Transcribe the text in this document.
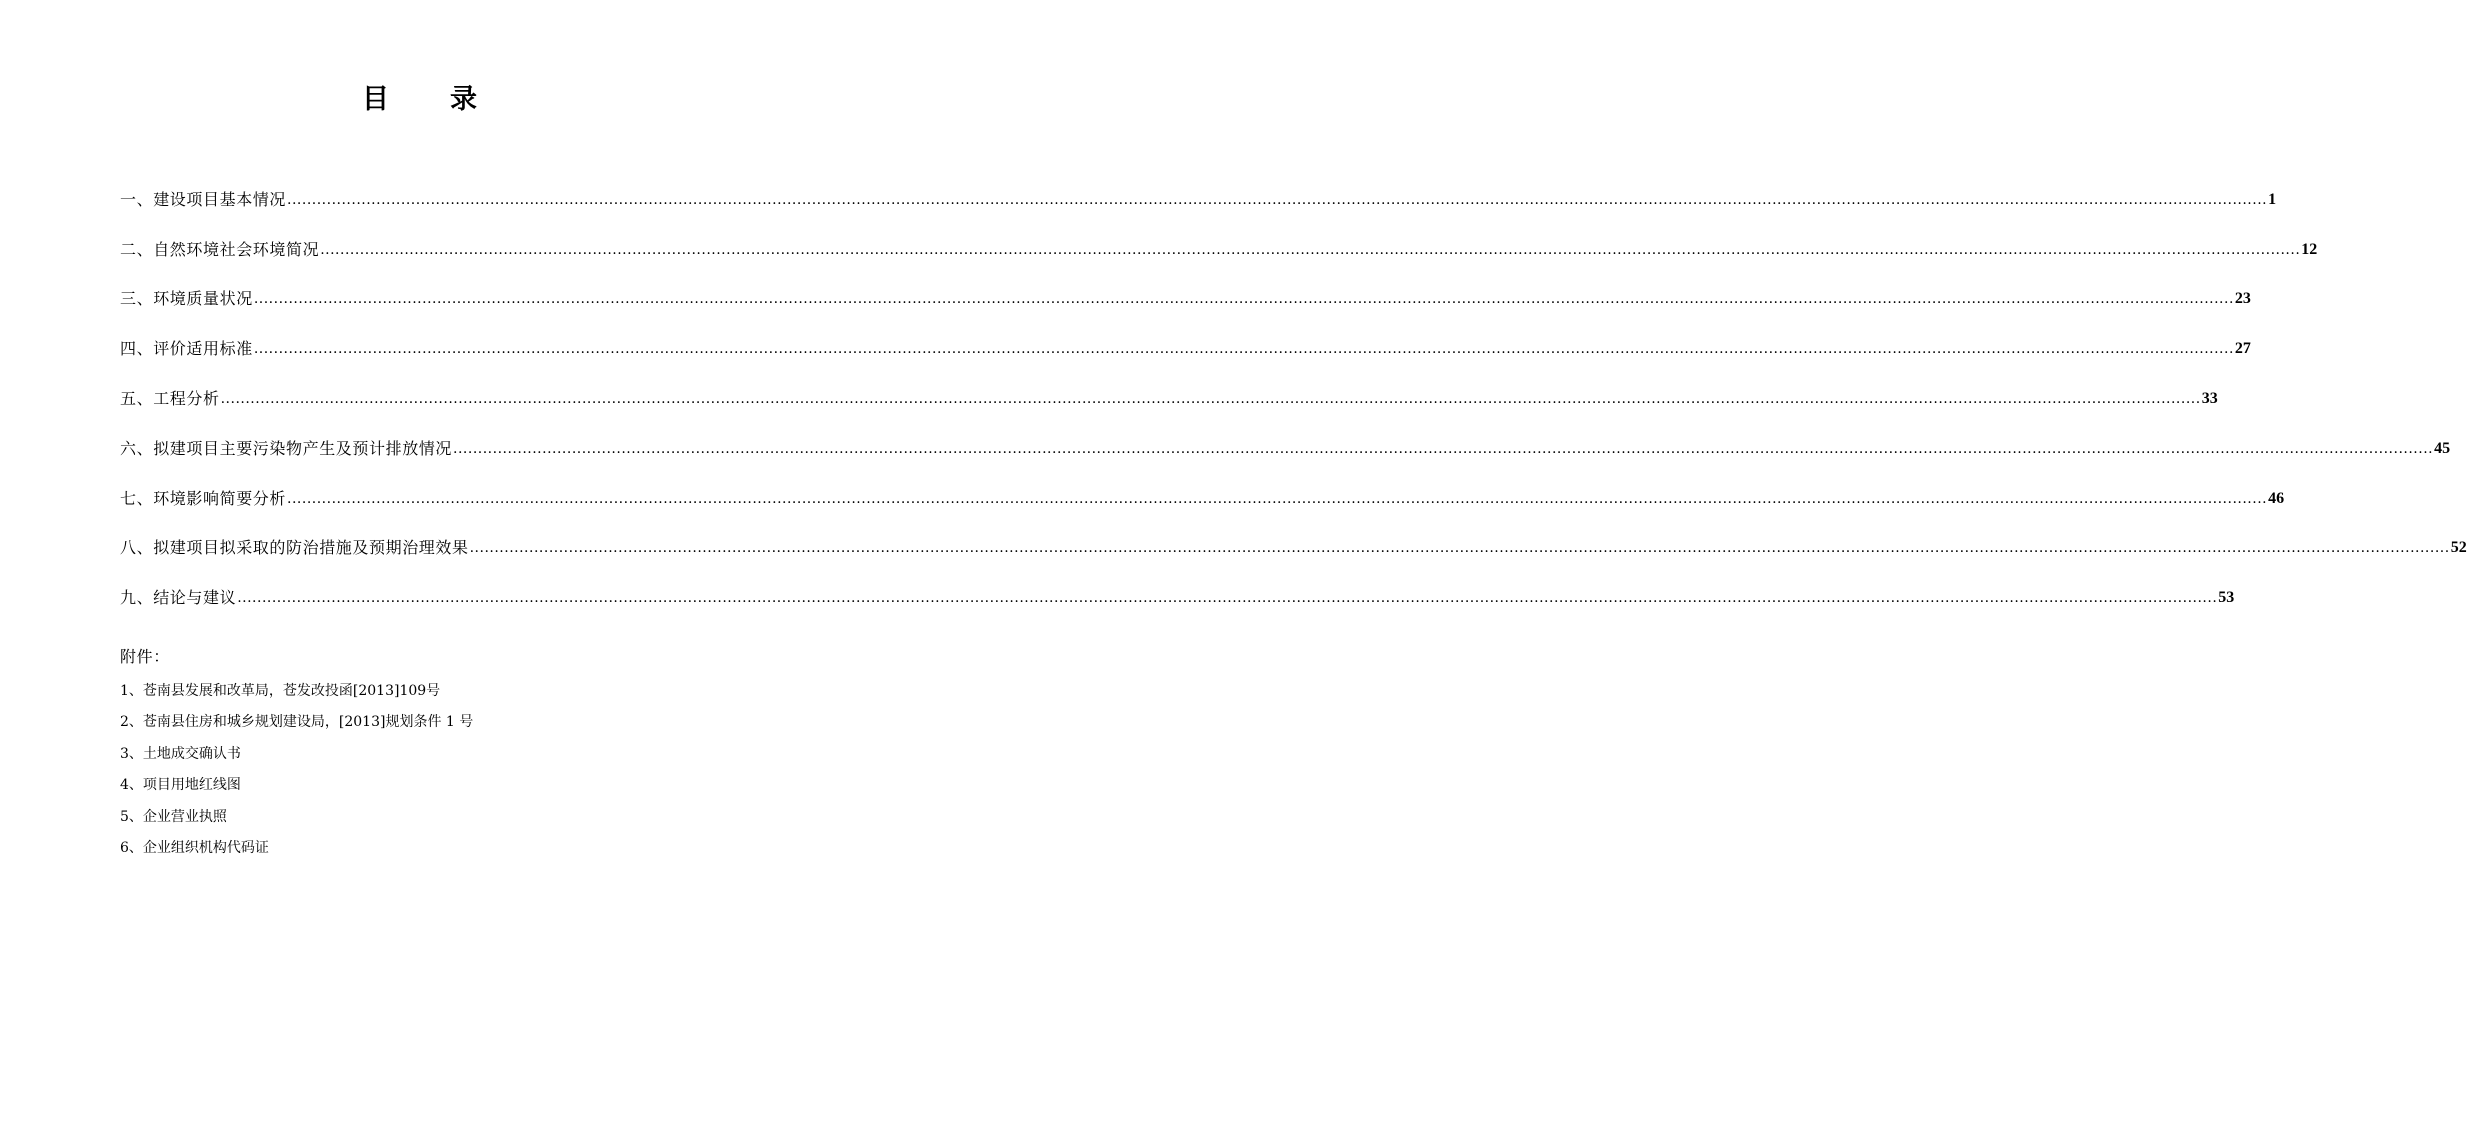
目 录
一、建设项目基本情况 ................................................................................................................................................................................................................................................................................................................................................................................................................ 1
二、自然环境社会环境简况 ................................................................................................................................................................................................................................................................................................................................................................................................................ 12
三、环境质量状况 ................................................................................................................................................................................................................................................................................................................................................................................................................ 23
四、评价适用标准 ................................................................................................................................................................................................................................................................................................................................................................................................................ 27
五、工程分析 ................................................................................................................................................................................................................................................................................................................................................................................................................ 33
六、拟建项目主要污染物产生及预计排放情况 ................................................................................................................................................................................................................................................................................................................................................................................................................ 45
七、环境影响简要分析 ................................................................................................................................................................................................................................................................................................................................................................................................................ 46
八、拟建项目拟采取的防治措施及预期治理效果 ................................................................................................................................................................................................................................................................................................................................................................................................................ 52
九、结论与建议 ................................................................................................................................................................................................................................................................................................................................................................................................................ 53
附件：
1、苍南县发展和改革局，苍发改投函[2013]109号
2、苍南县住房和城乡规划建设局，[2013]规划条件 1 号
3、土地成交确认书
4、项目用地红线图
5、企业营业执照
6、企业组织机构代码证
